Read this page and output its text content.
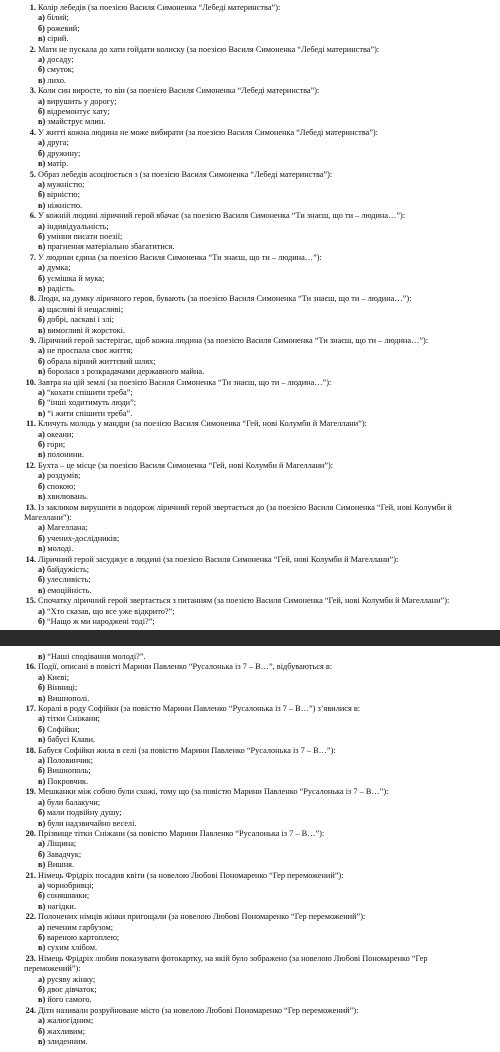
1. Колір лебедів (за поезією Василя Симоненка “Лебеді материнства”):
а) білий;
б) рожевий;
в) сірий.
2. Мати не пускала до хати гойдати колиску (за поезією Василя Симоненка “Лебеді материнства”):
а) досаду;
б) смуток;
в) лихо.
3. Коли син виросте, то він (за поезією Василя Симоненка “Лебеді материнства”):
а) вирушить у дорогу;
б) відремонтує хату;
в) змайструє млин.
4. У житті кожна людина не може вибирати (за поезією Василя Симоненка “Лебеді материнства”):
а) друга;
б) дружину;
в) матір.
5. Образ лебедів асоціюється з (за поезією Василя Симоненка “Лебеді материнства”):
а) мужністю;
б) вірністю;
в) ніжністю.
6. У кожній людині ліричний герой вбачає (за поезією Василя Симоненка “Ти знаєш, що ти – людина…”):
а) індивідуальність;
б) уміння писати поезії;
в) прагнення матеріально збагатитися.
7. У людини єдина (за поезією Василя Симоненка “Ти знаєш, що ти – людина…”):
а) думка;
б) усмішка й мука;
в) радість.
8. Люди, на думку ліричного героя, бувають (за поезією Василя Симоненка “Ти знаєш, що ти – людина…”):
а) щасливі й нещасливі;
б) добрі, ласкаві і злі;
в) вимогливі й жорстокі.
9. Ліричний герой застерігає, щоб кожна людина (за поезією Василя Симоненка “Ти знаєш, що ти – людина…”):
а) не проспала своє життя;
б) обрала вірний життєвий шлях;
в) боролася з розкрадачами державного майна.
10. Завтра на цій землі (за поезією Василя Симоненка “Ти знаєш, що ти – людина…”):
а) “кохати спішити треба”;
б) “інші ходитимуть люди”;
в) “і жити спішити треба”.
11. Кличуть молодь у мандри (за поезією Василя Симоненка “Гей, нові Колумби й Магеллани”):
а) океани;
б) гори;
в) полонини.
12. Бухта – це місце (за поезією Василя Симоненка “Гей, нові Колумби й Магеллани”):
а) роздумів;
б) спокою;
в) хвилювань.
13. Із закликом вирушити в подорож ліричний герой звертається до (за поезією Василя Симоненка “Гей, нові Колумби й Магеллани”):
а) Магеллана;
б) учених-дослідників;
в) молоді.
14. Ліричний герой засуджує в людині (за поезією Василя Симоненка “Гей, нові Колумби й Магеллани”):
а) байдужість;
б) улесливість;
в) емоційність.
15. Спочатку ліричний герой звертається з питанням (за поезією Василя Симоненка “Гей, нові Колумби й Магеллани”):
а) “Хто сказав, що все уже відкрито?”;
б) “Нащо ж ми народжені тоді?”;
в) “Наші сподівання молоді?”.
16. Події, описані в повісті Марини Павленко “Русалонька із 7 – В…”, відбуваються в:
а) Києві;
б) Вінниці;
в) Вишнополі.
17. Коралі в роду Софійки (за повістю Марини Павленко “Русалонька із 7 – В…”) з’явилися в:
а) тітки Сніжани;
б) Софійки;
в) бабусі Клави.
18. Бабуся Софійки жила в селі (за повістю Марини Павленко “Русалонька із 7 – В…”):
а) Половинчик;
б) Вишнополь;
в) Покровчик.
19. Мешканки між собою були схожі, тому що (за повістю Марини Павленко “Русалонька із 7 – В…”):
а) були балакучи;
б) мали подвійну душу;
в) були надзвичайно веселі.
20. Прізвище тітки Сніжани (за повістю Марини Павленко “Русалонька із 7 – В…”):
а) Ліщина;
б) Завадчук;
в) Вишня.
21. Німець Фрідріх посадив квіти (за новелою Любові Пономаренко “Гер переможений”):
а) чорнобривці;
б) соняшники;
в) нагідки.
22. Полонених німців жінки пригощали (за новелою Любові Пономаренко “Гер переможений”):
а) печеним гарбузом;
б) вареною картоплею;
в) сухим хлібом.
23. Німець Фрідріх любив показувати фотокартку, на якій було зображено (за новелою Любові Пономаренко “Гер переможений”):
а) русяву жінку;
б) двоє дівчаток;
в) його самого.
24. Діти називали розруйноване місто (за новелою Любові Пономаренко “Гер переможений”):
а) жалюгідним;
б) жахливим;
в) злиденним.
